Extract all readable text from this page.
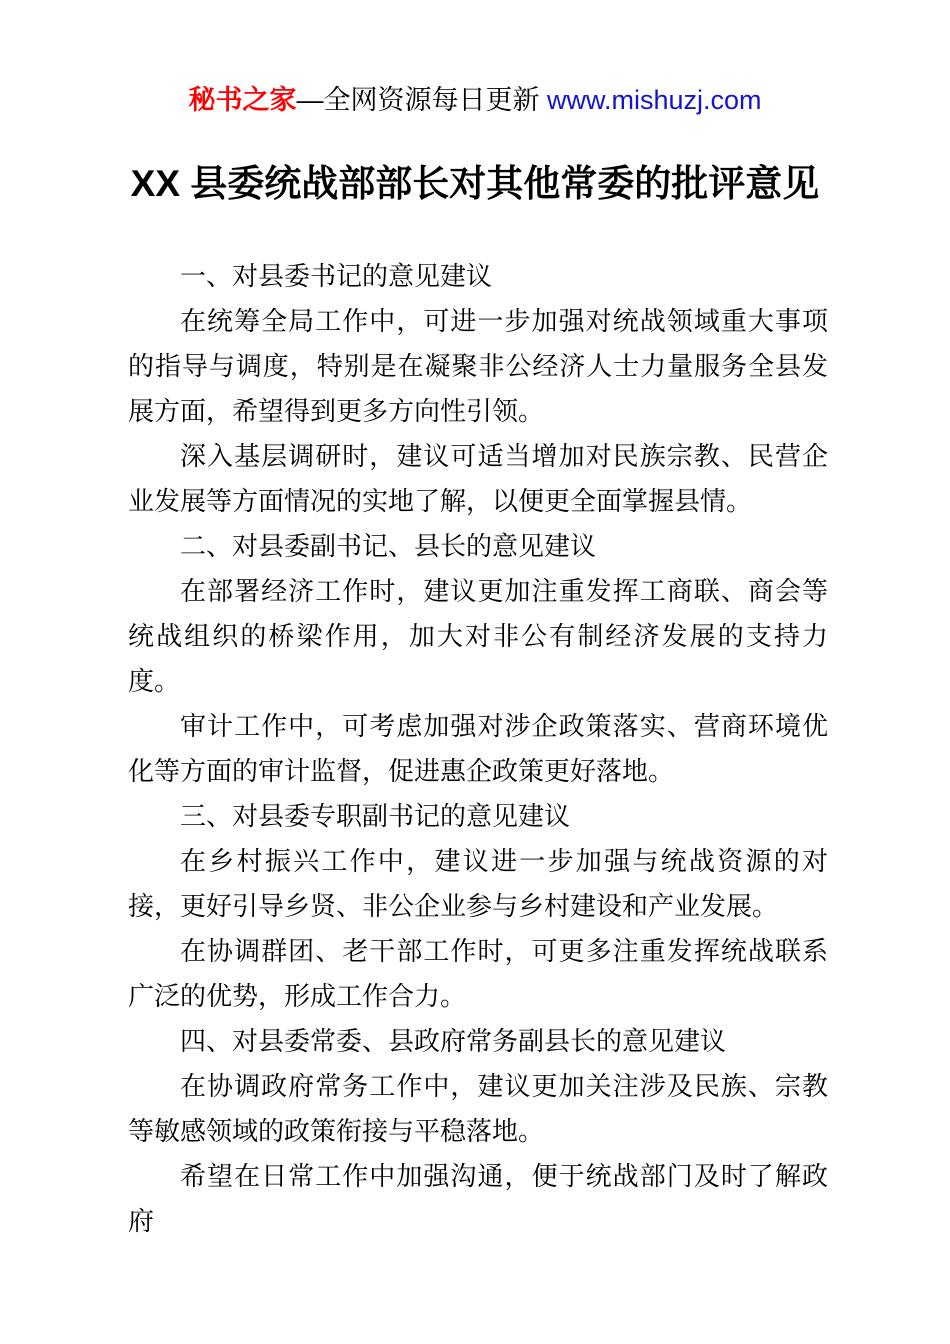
秘书之家—全网资源每日更新 www.mishuzj.com
XX 县委统战部部长对其他常委的批评意见

一、对县委书记的意见建议

在统筹全局工作中，可进一步加强对统战领域重大事项的指导与调度，特别是在凝聚非公经济人士力量服务全县发展方面，希望得到更多方向性引领。

深入基层调研时，建议可适当增加对民族宗教、民营企业发展等方面情况的实地了解，以便更全面掌握县情。

二、对县委副书记、县长的意见建议

在部署经济工作时，建议更加注重发挥工商联、商会等统战组织的桥梁作用，加大对非公有制经济发展的支持力度。

审计工作中，可考虑加强对涉企政策落实、营商环境优化等方面的审计监督，促进惠企政策更好落地。

三、对县委专职副书记的意见建议

在乡村振兴工作中，建议进一步加强与统战资源的对接，更好引导乡贤、非公企业参与乡村建设和产业发展。

在协调群团、老干部工作时，可更多注重发挥统战联系广泛的优势，形成工作合力。

四、对县委常委、县政府常务副县长的意见建议

在协调政府常务工作中，建议更加关注涉及民族、宗教等敏感领域的政策衔接与平稳落地。

希望在日常工作中加强沟通，便于统战部门及时了解政府
